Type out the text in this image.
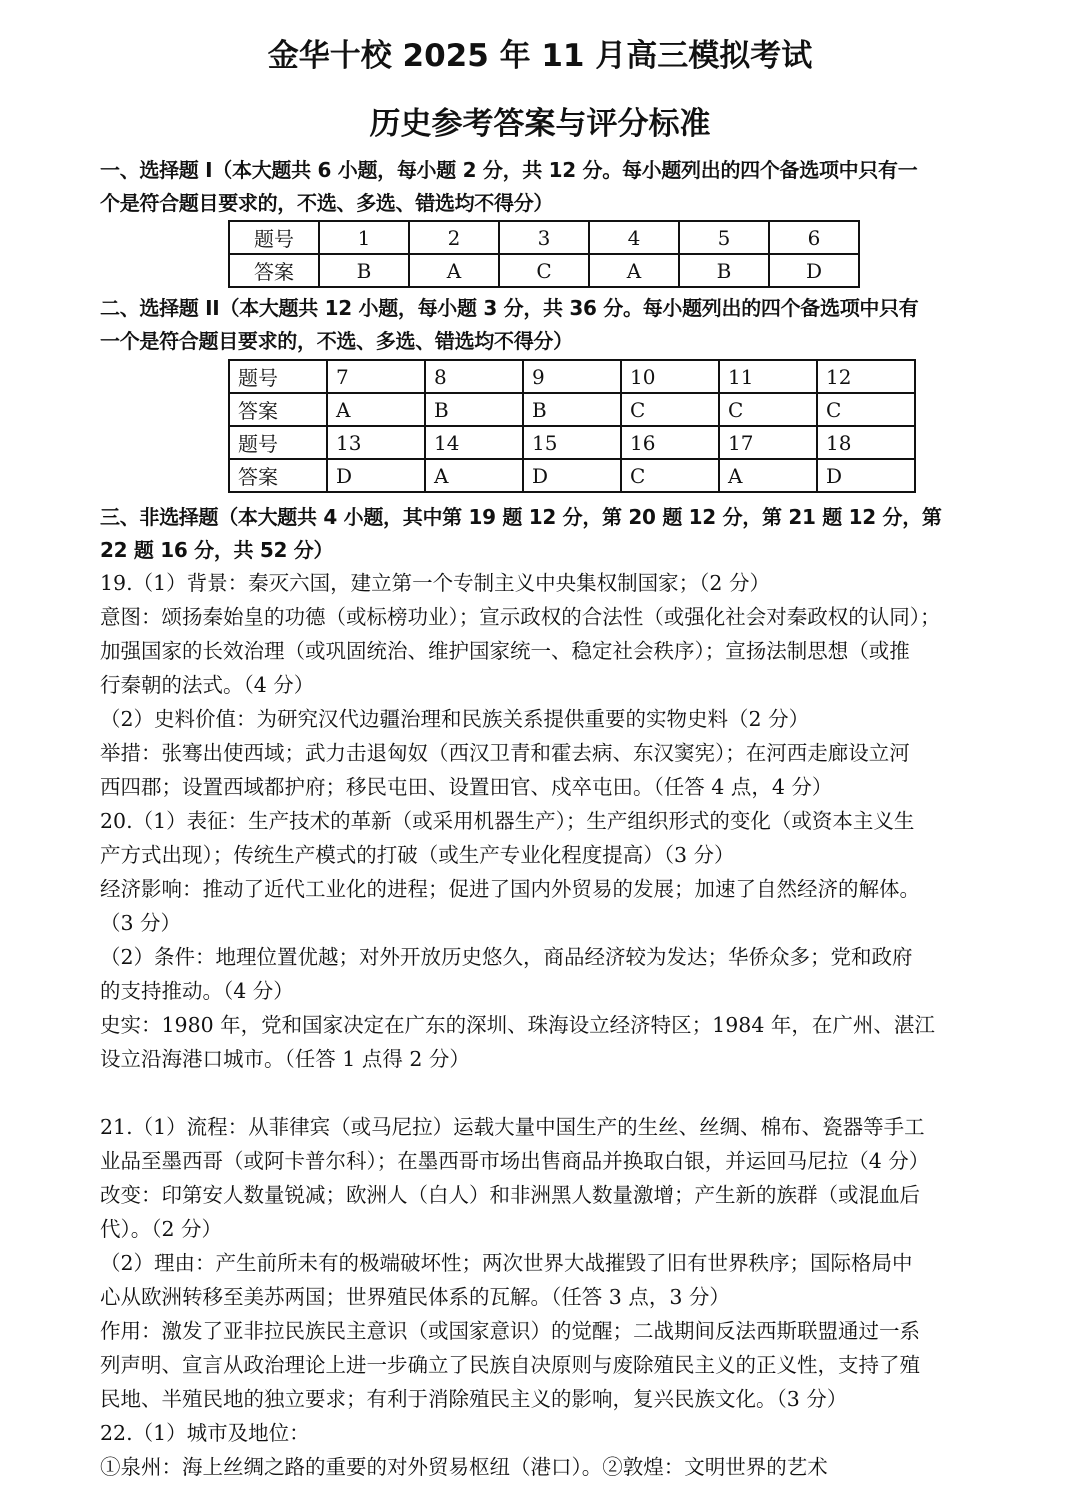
金华十校 2025 年 11 月高三模拟考试
历史参考答案与评分标准
一、选择题 I（本大题共 6 小题，每小题 2 分，共 12 分。每小题列出的四个备选项中只有一
个是符合题目要求的，不选、多选、错选均不得分）
题号	1	2	3	4	5	6
答案	B	A	C	A	B	D
二、选择题 II（本大题共 12 小题，每小题 3 分，共 36 分。每小题列出的四个备选项中只有
一个是符合题目要求的，不选、多选、错选均不得分）
题号	7	8	9	10	11	12
答案	A	B	B	C	C	C
题号	13	14	15	16	17	18
答案	D	A	D	C	A	D
三、非选择题（本大题共 4 小题，其中第 19 题 12 分，第 20 题 12 分，第 21 题 12 分，第
22 题 16 分，共 52 分）
19.（1）背景：秦灭六国，建立第一个专制主义中央集权制国家；（2 分）
意图：颂扬秦始皇的功德（或标榜功业）；宣示政权的合法性（或强化社会对秦政权的认同）；
加强国家的长效治理（或巩固统治、维护国家统一、稳定社会秩序）；宣扬法制思想（或推
行秦朝的法式。（4 分）
（2）史料价值：为研究汉代边疆治理和民族关系提供重要的实物史料（2 分）
举措：张骞出使西域；武力击退匈奴（西汉卫青和霍去病、东汉窦宪）；在河西走廊设立河
西四郡；设置西域都护府；移民屯田、设置田官、戍卒屯田。（任答 4 点，4 分）
20.（1）表征：生产技术的革新（或采用机器生产）；生产组织形式的变化（或资本主义生
产方式出现）；传统生产模式的打破（或生产专业化程度提高）（3 分）
经济影响：推动了近代工业化的进程；促进了国内外贸易的发展；加速了自然经济的解体。
（3 分）
（2）条件：地理位置优越；对外开放历史悠久，商品经济较为发达；华侨众多；党和政府
的支持推动。（4 分）
史实：1980 年，党和国家决定在广东的深圳、珠海设立经济特区；1984 年，在广州、湛江
设立沿海港口城市。（任答 1 点得 2 分）
21.（1）流程：从菲律宾（或马尼拉）运载大量中国生产的生丝、丝绸、棉布、瓷器等手工
业品至墨西哥（或阿卡普尔科）；在墨西哥市场出售商品并换取白银，并运回马尼拉（4 分）
改变：印第安人数量锐减；欧洲人（白人）和非洲黑人数量激增；产生新的族群（或混血后
代）。（2 分）
（2）理由：产生前所未有的极端破坏性；两次世界大战摧毁了旧有世界秩序；国际格局中
心从欧洲转移至美苏两国；世界殖民体系的瓦解。（任答 3 点，3 分）
作用：激发了亚非拉民族民主意识（或国家意识）的觉醒；二战期间反法西斯联盟通过一系
列声明、宣言从政治理论上进一步确立了民族自决原则与废除殖民主义的正义性，支持了殖
民地、半殖民地的独立要求；有利于消除殖民主义的影响，复兴民族文化。（3 分）
22.（1）城市及地位：
①泉州：海上丝绸之路的重要的对外贸易枢纽（港口）。②敦煌：文明世界的艺术
